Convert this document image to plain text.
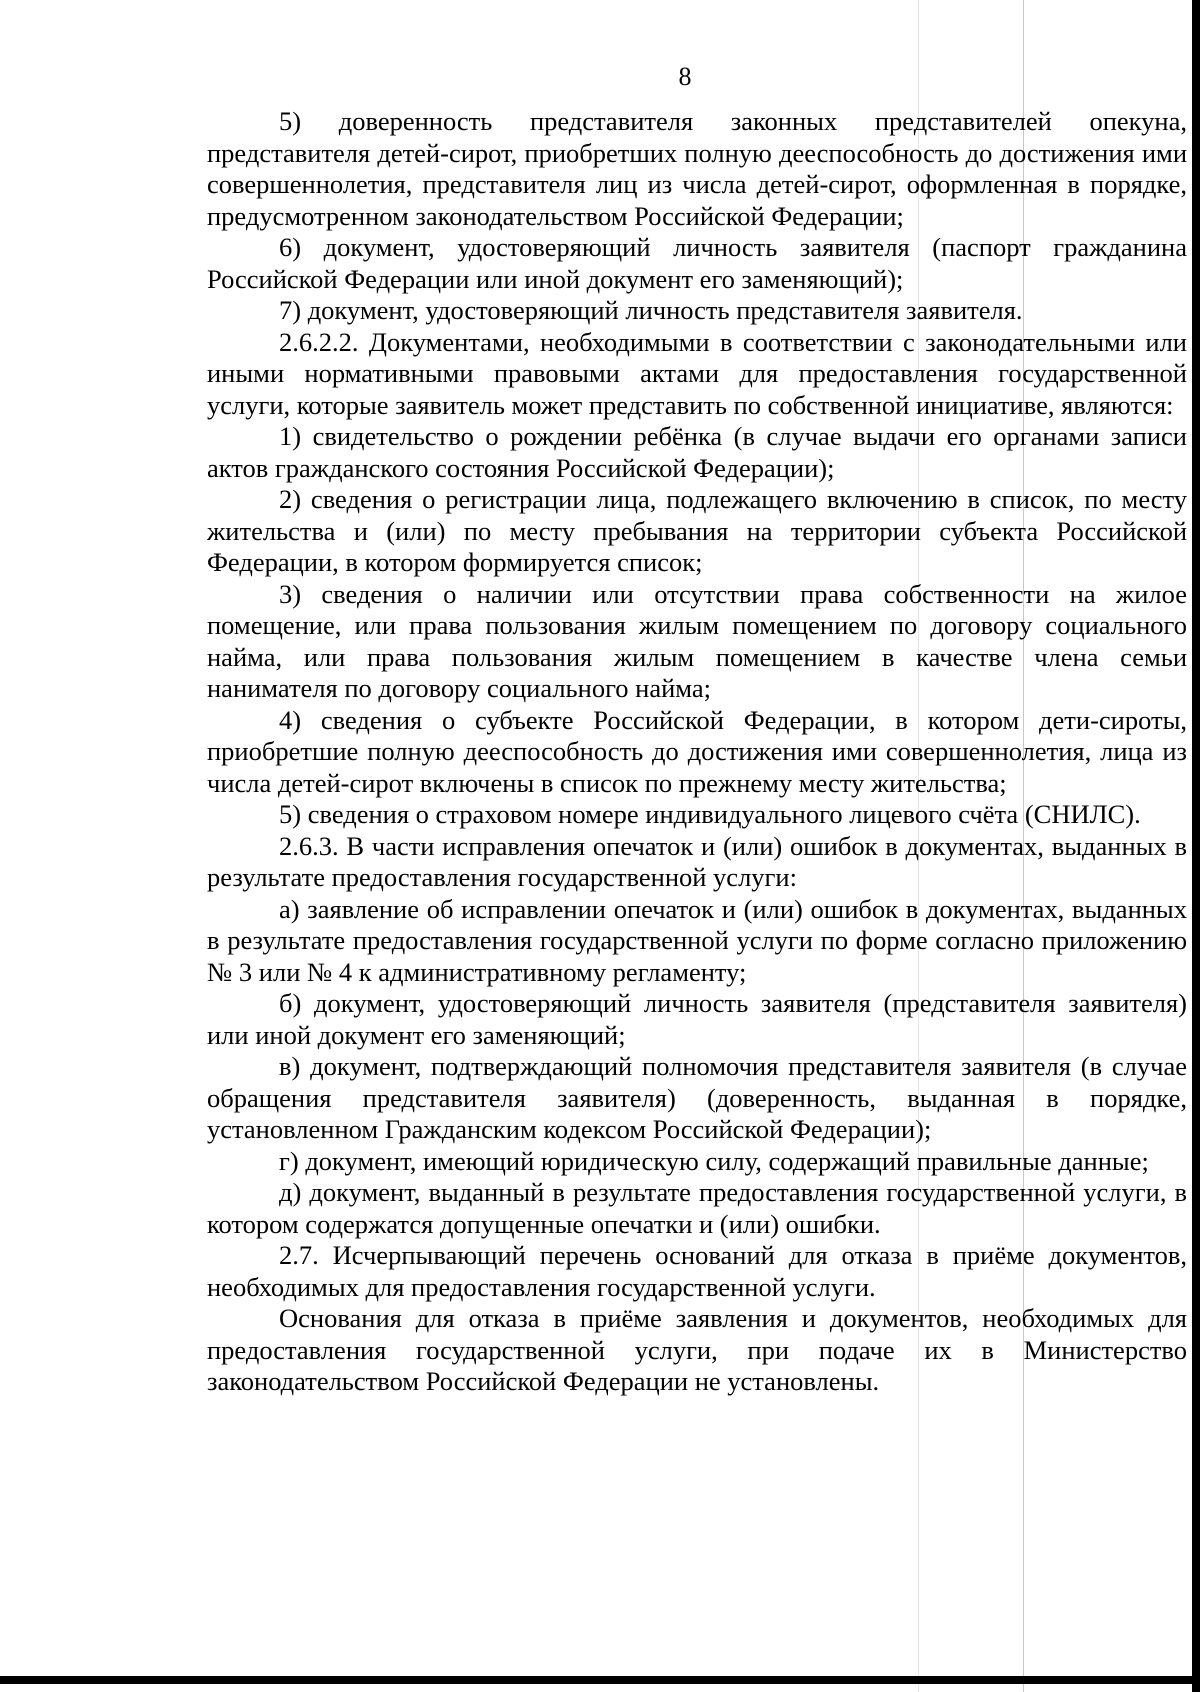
8

5) доверенность представителя законных представителей опекуна, представителя детей-сирот, приобретших полную дееспособность до достижения ими совершеннолетия, представителя лиц из числа детей-сирот, оформленная в порядке, предусмотренном законодательством Российской Федерации;

6) документ, удостоверяющий личность заявителя (паспорт гражданина Российской Федерации или иной документ его заменяющий);

7) документ, удостоверяющий личность представителя заявителя.

2.6.2.2. Документами, необходимыми в соответствии с законодательными или иными нормативными правовыми актами для предоставления государственной услуги, которые заявитель может представить по собственной инициативе, являются:

1) свидетельство о рождении ребёнка (в случае выдачи его органами записи актов гражданского состояния Российской Федерации);

2) сведения о регистрации лица, подлежащего включению в список, по месту жительства и (или) по месту пребывания на территории субъекта Российской Федерации, в котором формируется список;

3) сведения о наличии или отсутствии права собственности на жилое помещение, или права пользования жилым помещением по договору социального найма, или права пользования жилым помещением в качестве члена семьи нанимателя по договору социального найма;

4) сведения о субъекте Российской Федерации, в котором дети-сироты, приобретшие полную дееспособность до достижения ими совершеннолетия, лица из числа детей-сирот включены в список по прежнему месту жительства;

5) сведения о страховом номере индивидуального лицевого счёта (СНИЛС).

2.6.3. В части исправления опечаток и (или) ошибок в документах, выданных в результате предоставления государственной услуги:

а) заявление об исправлении опечаток и (или) ошибок в документах, выданных в результате предоставления государственной услуги по форме согласно приложению № 3 или № 4 к административному регламенту;

б) документ, удостоверяющий личность заявителя (представителя заявителя) или иной документ его заменяющий;

в) документ, подтверждающий полномочия представителя заявителя (в случае обращения представителя заявителя) (доверенность, выданная в порядке, установленном Гражданским кодексом Российской Федерации);

г) документ, имеющий юридическую силу, содержащий правильные данные;

д) документ, выданный в результате предоставления государственной услуги, в котором содержатся допущенные опечатки и (или) ошибки.

2.7. Исчерпывающий перечень оснований для отказа в приёме документов, необходимых для предоставления государственной услуги.

Основания для отказа в приёме заявления и документов, необходимых для предоставления государственной услуги, при подаче их в Министерство законодательством Российской Федерации не установлены.
